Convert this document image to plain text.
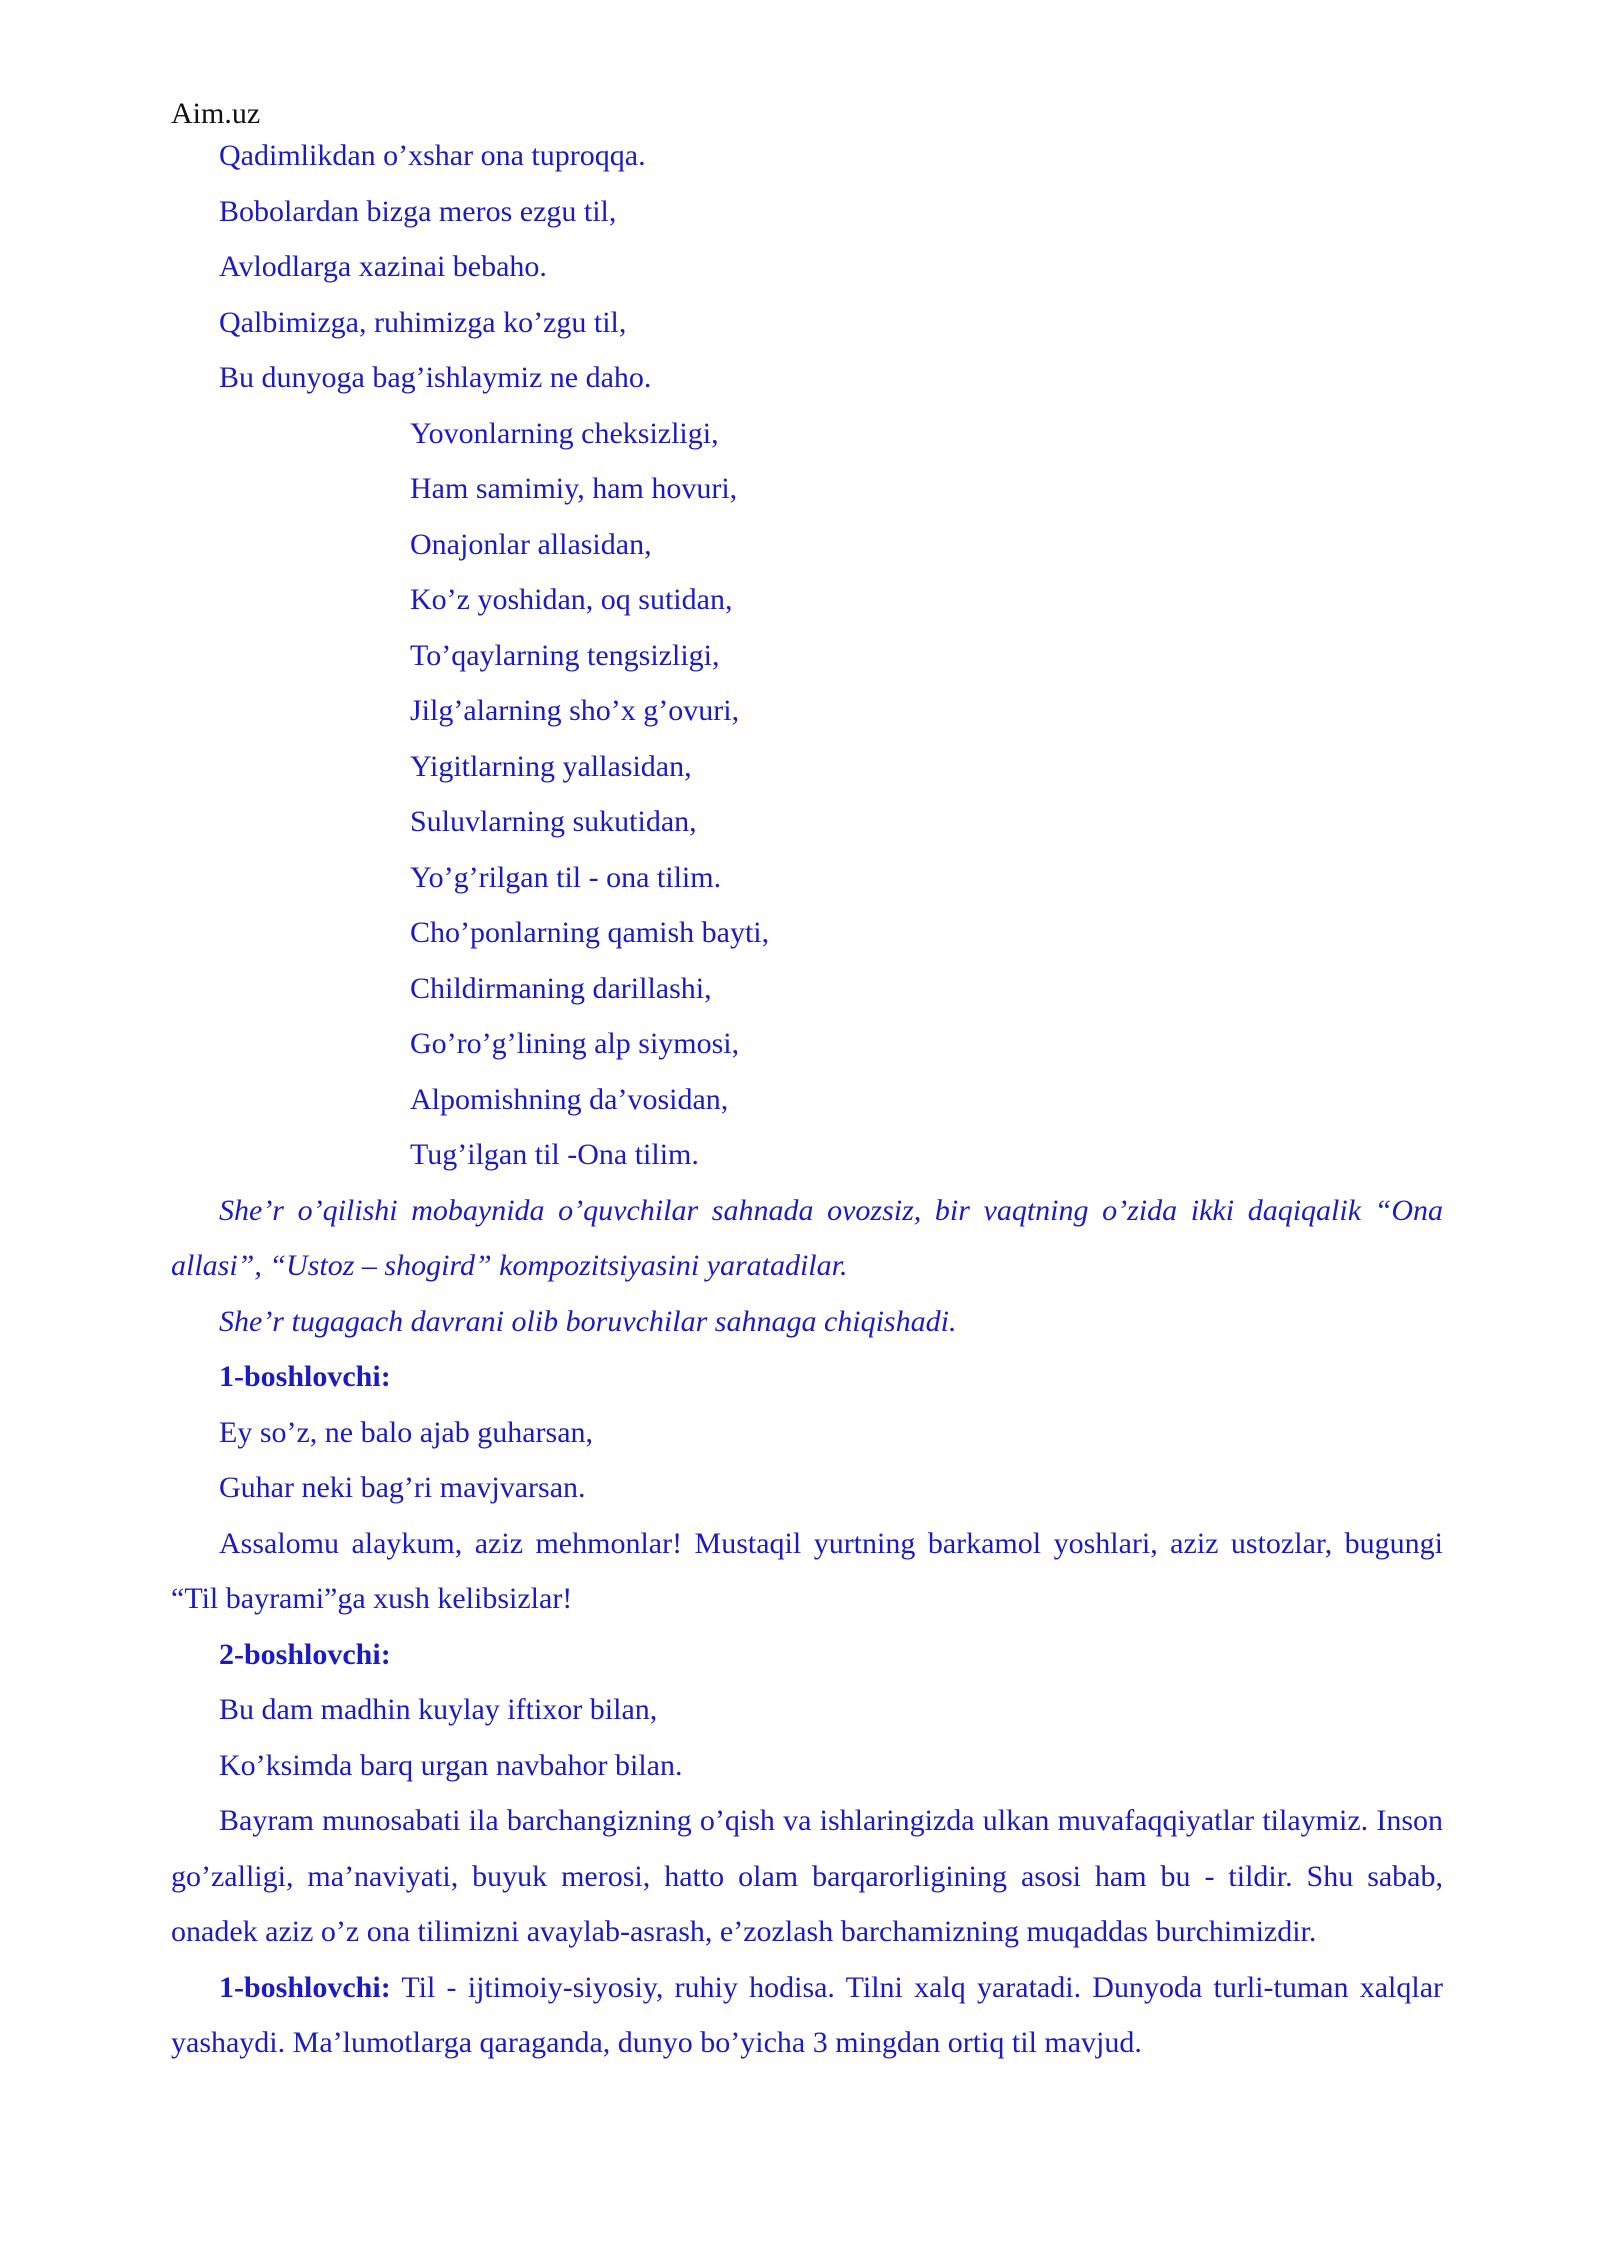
Aim.uz

Qadimlikdan o’xshar ona tuproqqa.

Bobolardan bizga meros ezgu til,

Avlodlarga xazinai bebaho.

Qalbimizga, ruhimizga ko’zgu til,

Bu dunyoga bag’ishlaymiz ne daho.

Yovonlarning cheksizligi,

Ham samimiy, ham hovuri,

Onajonlar allasidan,

Ko’z yoshidan, oq sutidan,

To’qaylarning tengsizligi,

Jilg’alarning sho’x g’ovuri,

Yigitlarning yallasidan,

Suluvlarning sukutidan,

Yo’g’rilgan til - ona tilim.

Cho’ponlarning qamish bayti,

Childirmaning darillashi,

Go’ro’g’lining alp siymosi,

Alpomishning da’vosidan,

Tug’ilgan til -Ona tilim.

She’r o’qilishi mobaynida o’quvchilar sahnada ovozsiz, bir vaqtning o’zida ikki daqiqalik “Ona allasi”, “Ustoz – shogird” kompozitsiyasini yaratadilar.

She’r tugagach davrani olib boruvchilar sahnaga chiqishadi.

1-boshlovchi:

Ey so’z, ne balo ajab guharsan,

Guhar neki bag’ri mavjvarsan.

Assalomu alaykum, aziz mehmonlar! Mustaqil yurtning barkamol yoshlari, aziz ustozlar, bugungi “Til bayrami”ga xush kelibsizlar!

2-boshlovchi:

Bu dam madhin kuylay iftixor bilan,

Ko’ksimda barq urgan navbahor bilan.

Bayram munosabati ila barchangizning o’qish va ishlaringizda ulkan muvafaqqiyatlar tilaymiz. Inson go’zalligi, ma’naviyati, buyuk merosi, hatto olam barqarorligining asosi ham bu - tildir. Shu sabab, onadek aziz o’z ona tilimizni avaylab-asrash, e’zozlash barchamizning muqaddas burchimizdir.

1-boshlovchi: Til - ijtimoiy-siyosiy, ruhiy hodisa. Tilni xalq yaratadi. Dunyoda turli-tuman xalqlar yashaydi. Ma’lumotlarga qaraganda, dunyo bo’yicha 3 mingdan ortiq til mavjud.
